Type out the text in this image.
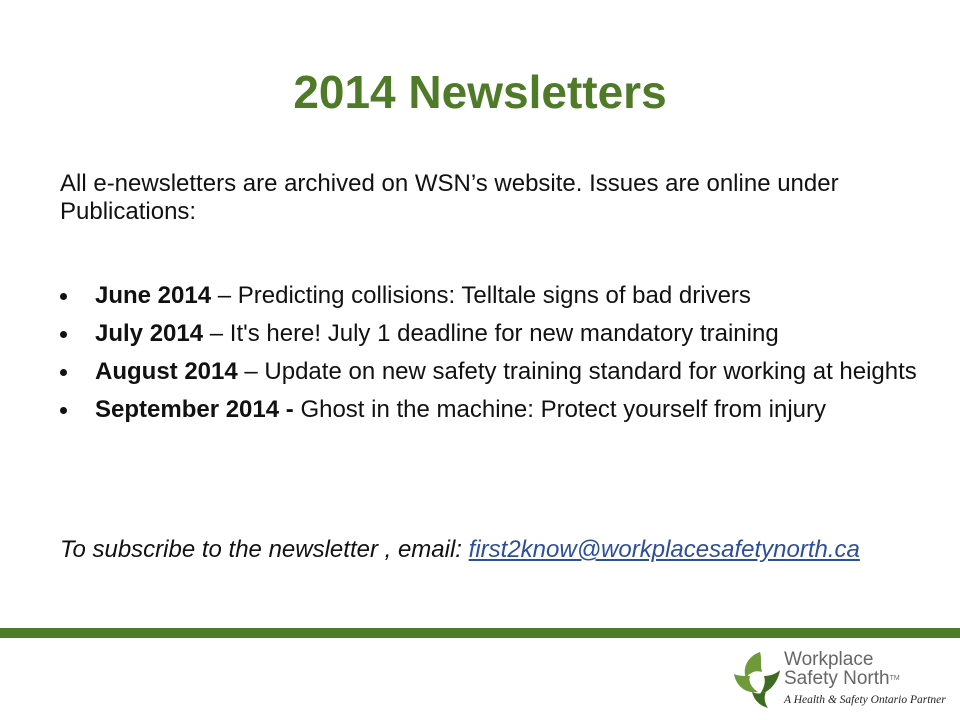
2014 Newsletters
All e-newsletters are archived on WSN’s website. Issues are online under Publications:
June 2014 – Predicting collisions: Telltale signs of bad drivers
July 2014 – It's here! July 1 deadline for new mandatory training
August 2014 – Update on new safety training standard for working at heights
September 2014 - Ghost in the machine: Protect yourself from injury
To subscribe to the newsletter , email: first2know@workplacesafetynorth.ca
Workplace
Safety North™
A Health & Safety Ontario Partner
